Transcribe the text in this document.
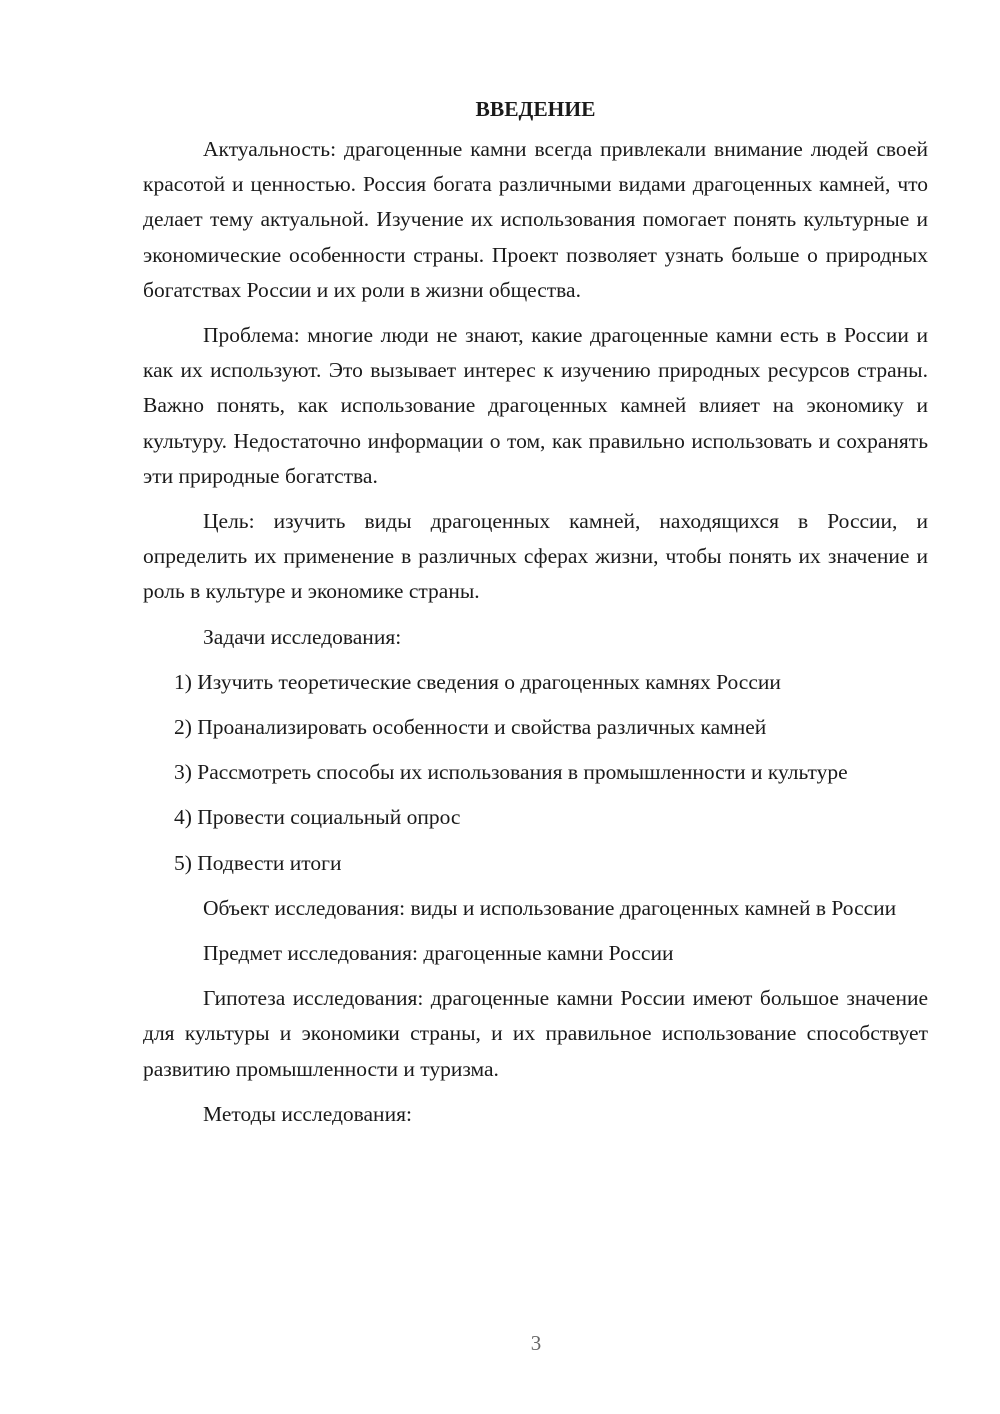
ВВЕДЕНИЕ

Актуальность: драгоценные камни всегда привлекали внимание людей своей красотой и ценностью. Россия богата различными видами драгоценных камней, что делает тему актуальной. Изучение их использования помогает понять культурные и экономические особенности страны. Проект позволяет узнать больше о природных богатствах России и их роли в жизни общества.

Проблема: многие люди не знают, какие драгоценные камни есть в России и как их используют. Это вызывает интерес к изучению природных ресурсов страны. Важно понять, как использование драгоценных камней влияет на экономику и культуру. Недостаточно информации о том, как правильно использовать и сохранять эти природные богатства.

Цель: изучить виды драгоценных камней, находящихся в России, и определить их применение в различных сферах жизни, чтобы понять их значение и роль в культуре и экономике страны.

Задачи исследования:

1) Изучить теоретические сведения о драгоценных камнях России

2) Проанализировать особенности и свойства различных камней

3) Рассмотреть способы их использования в промышленности и культуре

4) Провести социальный опрос

5) Подвести итоги

Объект исследования: виды и использование драгоценных камней в России

Предмет исследования: драгоценные камни России

Гипотеза исследования: драгоценные камни России имеют большое значение для культуры и экономики страны, и их правильное использование способствует развитию промышленности и туризма.

Методы исследования:

3
